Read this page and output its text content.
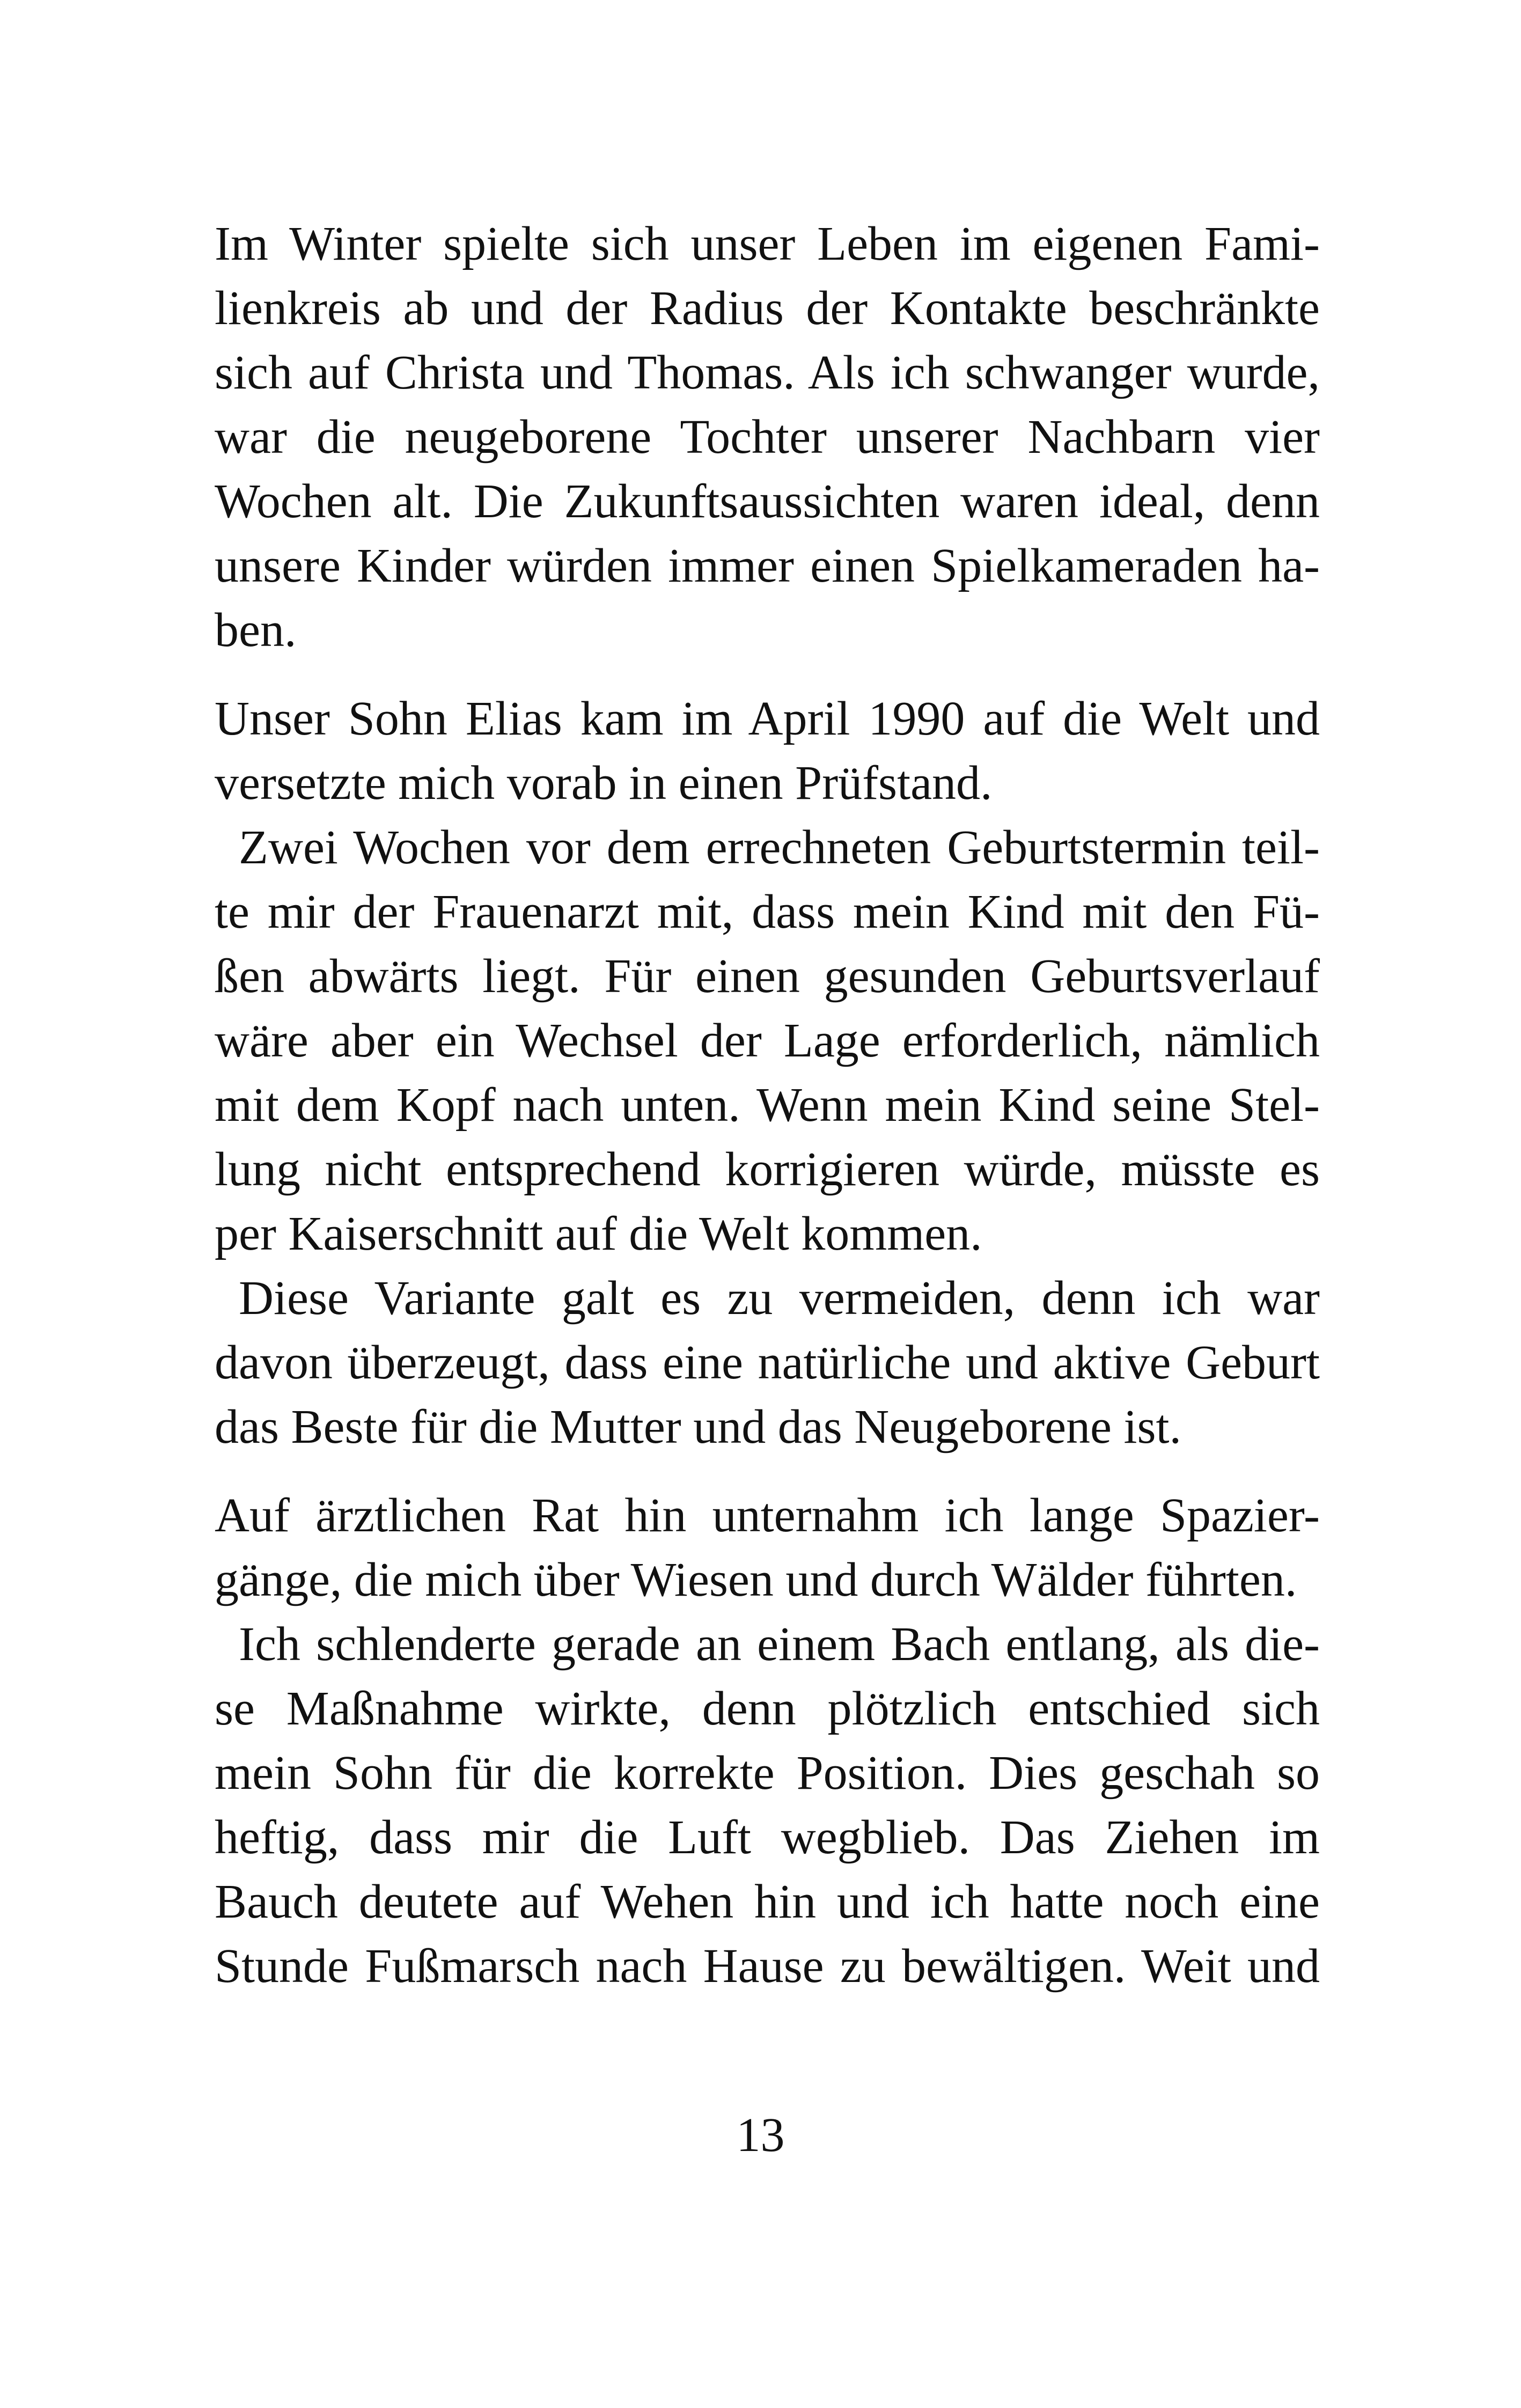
Im Winter spielte sich unser Leben im eigenen Fami-
lienkreis ab und der Radius der Kontakte beschränkte
sich auf Christa und Thomas. Als ich schwanger wurde,
war die neugeborene Tochter unserer Nachbarn vier
Wochen alt. Die Zukunftsaussichten waren ideal, denn
unsere Kinder würden immer einen Spielkameraden ha-
ben.
Unser Sohn Elias kam im April 1990 auf die Welt und
versetzte mich vorab in einen Prüfstand.
Zwei Wochen vor dem errechneten Geburtstermin teil-
te mir der Frauenarzt mit, dass mein Kind mit den Fü-
ßen abwärts liegt. Für einen gesunden Geburtsverlauf
wäre aber ein Wechsel der Lage erforderlich, nämlich
mit dem Kopf nach unten. Wenn mein Kind seine Stel-
lung nicht entsprechend korrigieren würde, müsste es
per Kaiserschnitt auf die Welt kommen.
Diese Variante galt es zu vermeiden, denn ich war
davon überzeugt, dass eine natürliche und aktive Geburt
das Beste für die Mutter und das Neugeborene ist.
Auf ärztlichen Rat hin unternahm ich lange Spazier-
gänge, die mich über Wiesen und durch Wälder führten.
Ich schlenderte gerade an einem Bach entlang, als die-
se Maßnahme wirkte, denn plötzlich entschied sich
mein Sohn für die korrekte Position. Dies geschah so
heftig, dass mir die Luft wegblieb. Das Ziehen im
Bauch deutete auf Wehen hin und ich hatte noch eine
Stunde Fußmarsch nach Hause zu bewältigen. Weit und
13
